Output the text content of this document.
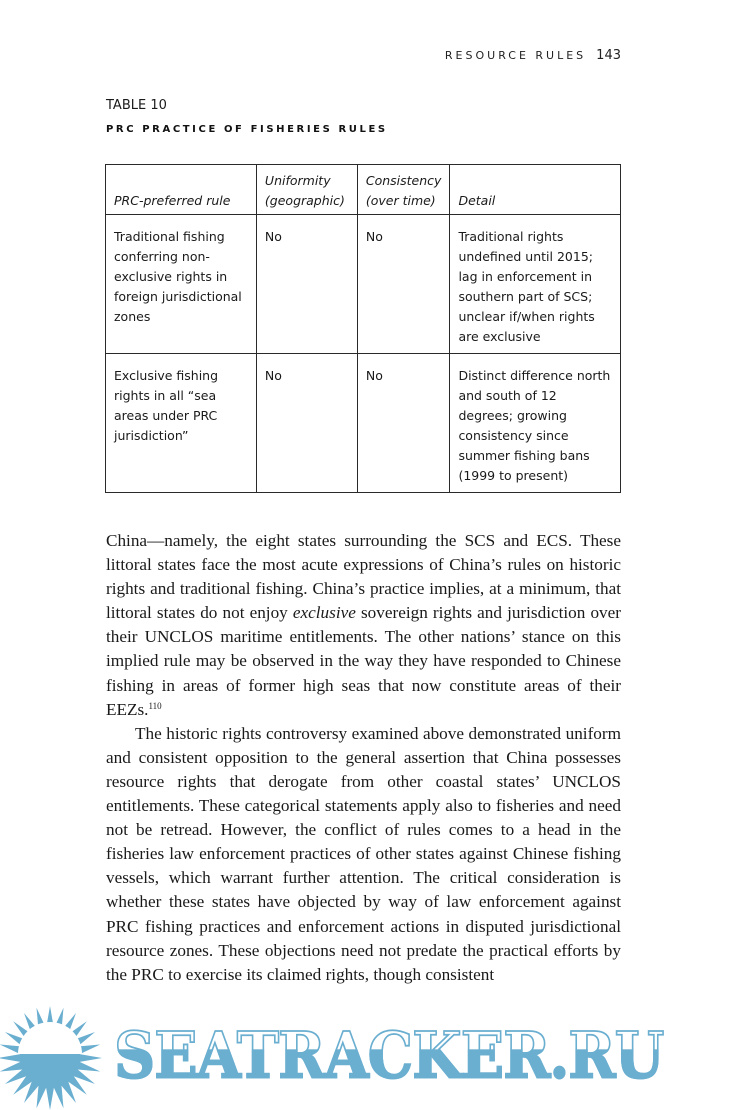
RESOURCE RULES 143
TABLE 10
PRC PRACTICE OF FISHERIES RULES
PRC-preferred rule	Uniformity (geographic)	Consistency (over time)	Detail
Traditional fishing conferring non-exclusive rights in foreign jurisdictional zones	No	No	Traditional rights undefined until 2015; lag in enforcement in southern part of SCS; unclear if/when rights are exclusive
Exclusive fishing rights in all “sea areas under PRC jurisdiction”	No	No	Distinct difference north and south of 12 degrees; growing consistency since summer fishing bans (1999 to present)

China—namely, the eight states surrounding the SCS and ECS. These littoral states face the most acute expressions of China’s rules on historic rights and traditional fishing. China’s practice implies, at a minimum, that littoral states do not enjoy exclusive sovereign rights and jurisdiction over their UNCLOS maritime entitlements. The other nations’ stance on this implied rule may be observed in the way they have responded to Chinese fishing in areas of former high seas that now constitute areas of their EEZs.$^{110}$

The historic rights controversy examined above demonstrated uniform and consistent opposition to the general assertion that China possesses resource rights that derogate from other coastal states’ UNCLOS entitlements. These categorical statements apply also to fisheries and need not be retread. However, the conflict of rules comes to a head in the fisheries law enforcement practices of other states against Chinese fishing vessels, which warrant further attention. The critical consideration is whether these states have objected by way of law enforcement against PRC fishing practices and enforcement actions in disputed jurisdictional resource zones. These objections need not predate the practical efforts by the PRC to exercise its claimed rights, though consistent

SEATRACKER.RU
